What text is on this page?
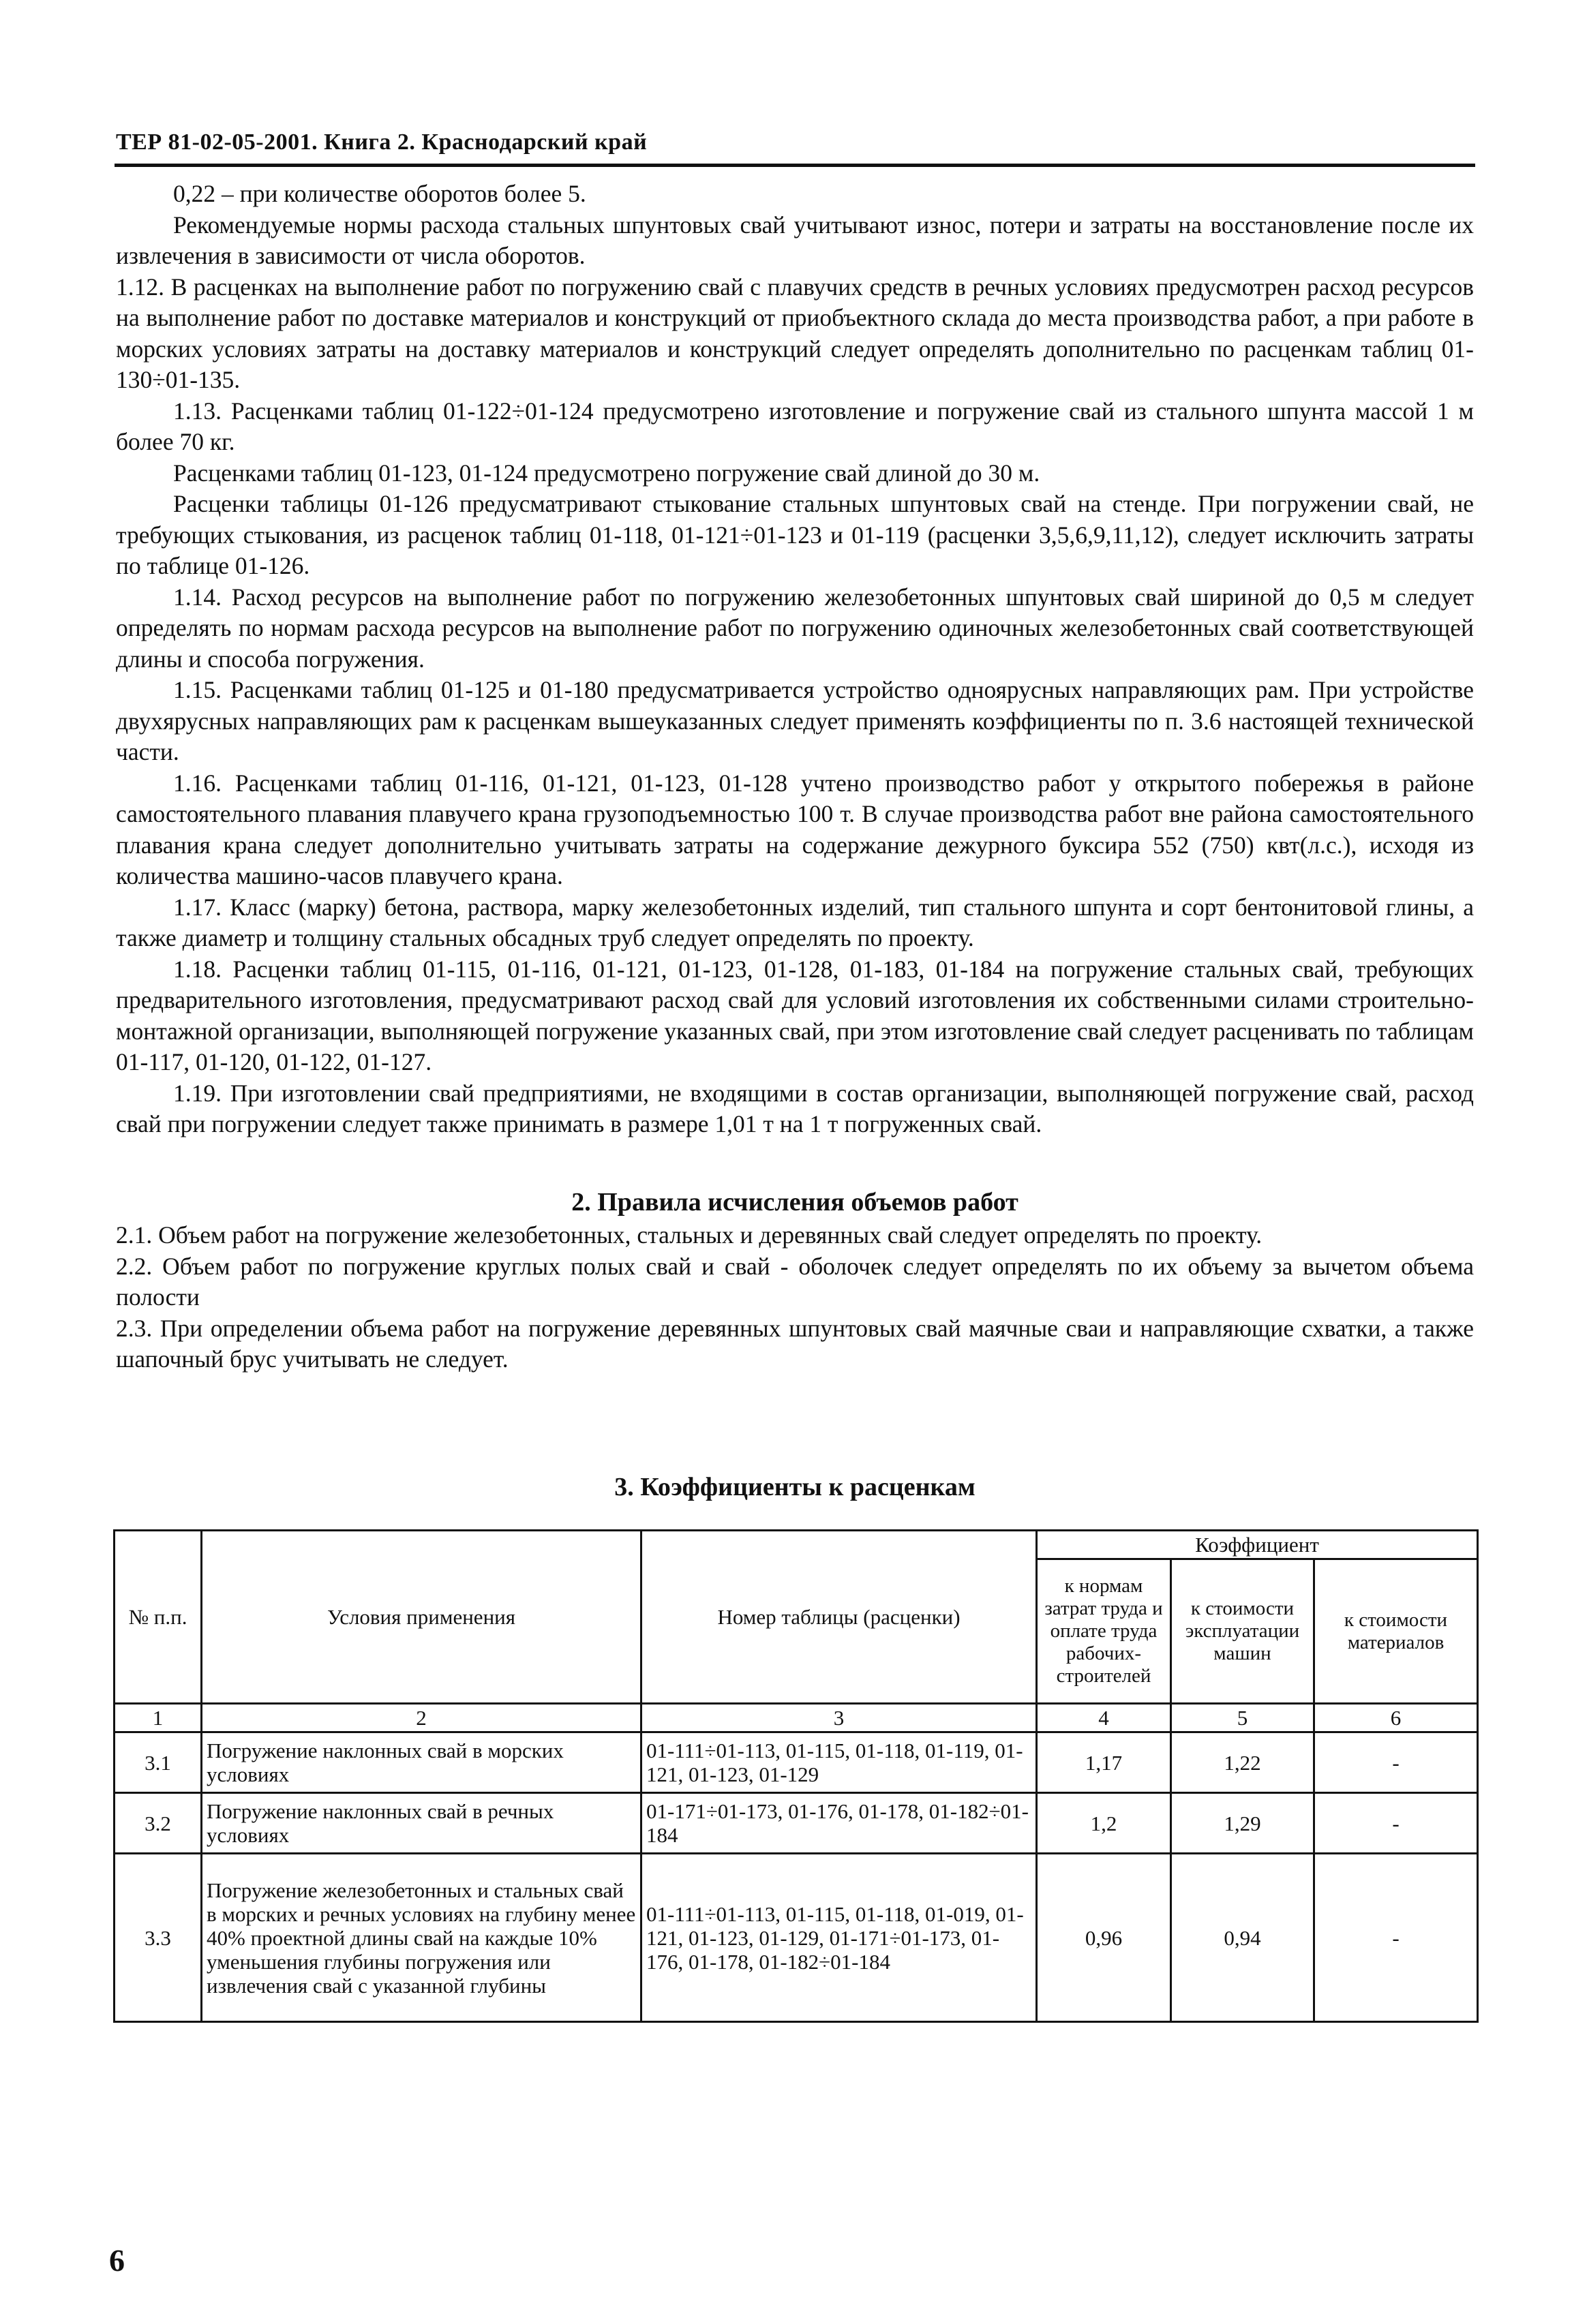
ТЕР 81-02-05-2001. Книга 2. Краснодарский край

0,22 – при количестве оборотов более 5.

Рекомендуемые нормы расхода стальных шпунтовых свай учитывают износ, потери и затраты на восстановление после их извлечения в зависимости от числа оборотов.

1.12. В расценках на выполнение работ по погружению свай с плавучих средств в речных условиях предусмотрен расход ресурсов на выполнение работ по доставке материалов и конструкций от приобъектного склада до места производства работ, а при работе в морских условиях затраты на доставку материалов и конструкций следует определять дополнительно по расценкам таблиц 01-130÷01-135.

1.13. Расценками таблиц 01-122÷01-124 предусмотрено изготовление и погружение свай из стального шпунта массой 1 м более 70 кг.

Расценками таблиц 01-123, 01-124 предусмотрено погружение свай длиной до 30 м.

Расценки таблицы 01-126 предусматривают стыкование стальных шпунтовых свай на стенде. При погружении свай, не требующих стыкования, из расценок таблиц 01-118, 01-121÷01-123 и 01-119 (расценки 3,5,6,9,11,12), следует исключить затраты по таблице 01-126.

1.14. Расход ресурсов на выполнение работ по погружению железобетонных шпунтовых свай шириной до 0,5 м следует определять по нормам расхода ресурсов на выполнение работ по погружению одиночных железобетонных свай соответствующей длины и способа погружения.

1.15. Расценками таблиц 01-125 и 01-180 предусматривается устройство одноярусных направляющих рам. При устройстве двухярусных направляющих рам к расценкам вышеуказанных следует применять коэффициенты по п. 3.6 настоящей технической части.

1.16. Расценками таблиц 01-116, 01-121, 01-123, 01-128 учтено производство работ у открытого побережья в районе самостоятельного плавания плавучего крана грузоподъемностью 100 т. В случае производства работ вне района самостоятельного плавания крана следует дополнительно учитывать затраты на содержание дежурного буксира 552 (750) квт(л.с.), исходя из количества машино-часов плавучего крана.

1.17. Класс (марку) бетона, раствора, марку железобетонных изделий, тип стального шпунта и сорт бентонитовой глины, а также диаметр и толщину стальных обсадных труб следует определять по проекту.

1.18. Расценки таблиц 01-115, 01-116, 01-121, 01-123, 01-128, 01-183, 01-184 на погружение стальных свай, требующих предварительного изготовления, предусматривают расход свай для условий изготовления их собственными силами строительно-монтажной организации, выполняющей погружение указанных свай, при этом изготовление свай следует расценивать по таблицам 01-117, 01-120, 01-122, 01-127.

1.19. При изготовлении свай предприятиями, не входящими в состав организации, выполняющей погружение свай, расход свай при погружении следует также принимать в размере 1,01 т на 1 т погруженных свай.

2. Правила исчисления объемов работ

2.1. Объем работ на погружение железобетонных, стальных и деревянных свай следует определять по проекту.

2.2. Объем работ по погружение круглых полых свай и свай - оболочек следует определять по их объему за вычетом объема полости

2.3. При определении объема работ на погружение деревянных шпунтовых свай маячные сваи и направляющие схватки, а также шапочный брус учитывать не следует.

3. Коэффициенты к расценкам
№ п.п.	Условия применения	Номер таблицы (расценки)	Коэффициент		
			к нормам затрат труда и оплате труда рабочих-строителей	к стоимости эксплуатации машин	к стоимости материалов
1	2	3	4	5	6
3.1	Погружение наклонных свай в морских условиях	01-111÷01-113, 01-115, 01-118, 01-119, 01-121, 01-123, 01-129	1,17	1,22	-
3.2	Погружение наклонных свай в речных условиях	01-171÷01-173, 01-176, 01-178, 01-182÷01-184	1,2	1,29	-
3.3	Погружение железобетонных и стальных свай в морских и речных условиях на глубину менее 40% проектной длины свай на каждые 10% уменьшения глубины погружения или извлечения свай с указанной глубины	01-111÷01-113, 01-115, 01-118, 01-019, 01-121, 01-123, 01-129, 01-171÷01-173, 01-176, 01-178, 01-182÷01-184	0,96	0,94	-
6
